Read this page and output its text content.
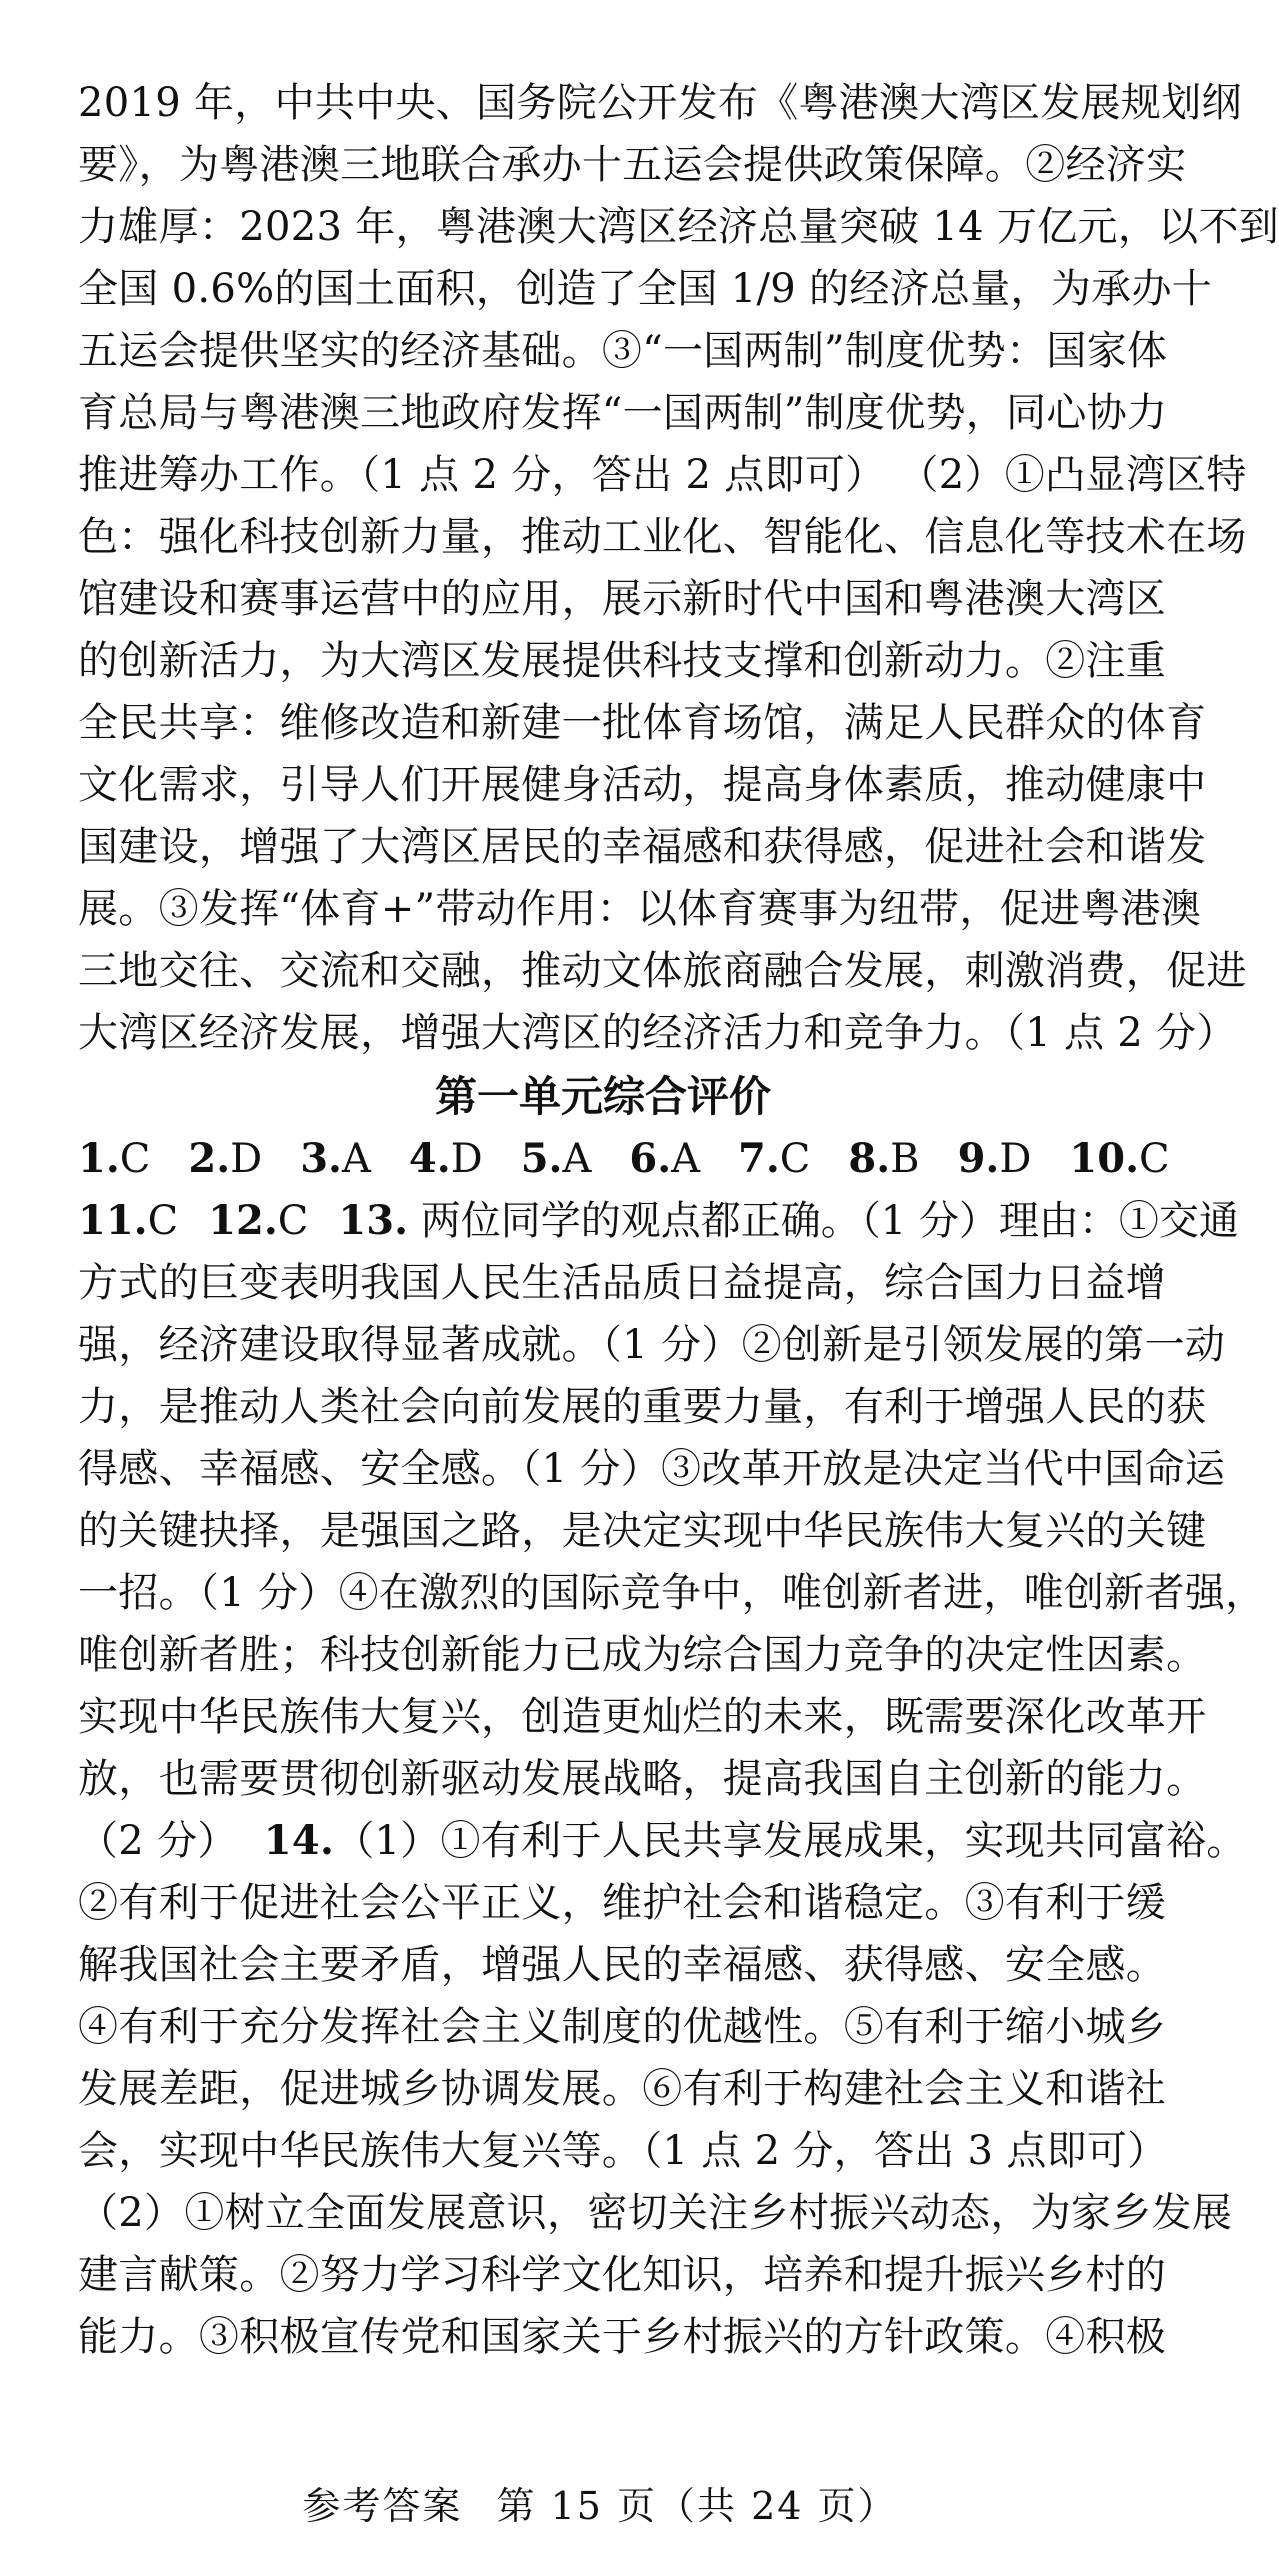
2019 年，中共中央、国务院公开发布《粤港澳大湾区发展规划纲
要》，为粤港澳三地联合承办十五运会提供政策保障。②经济实
力雄厚：2023 年，粤港澳大湾区经济总量突破 14 万亿元，以不到
全国 0.6%的国土面积，创造了全国 1/9 的经济总量，为承办十
五运会提供坚实的经济基础。③“一国两制”制度优势：国家体
育总局与粤港澳三地政府发挥“一国两制”制度优势，同心协力
推进筹办工作。（1 点 2 分，答出 2 点即可） （2）①凸显湾区特
色：强化科技创新力量，推动工业化、智能化、信息化等技术在场
馆建设和赛事运营中的应用，展示新时代中国和粤港澳大湾区
的创新活力，为大湾区发展提供科技支撑和创新动力。②注重
全民共享：维修改造和新建一批体育场馆，满足人民群众的体育
文化需求，引导人们开展健身活动，提高身体素质，推动健康中
国建设，增强了大湾区居民的幸福感和获得感，促进社会和谐发
展。③发挥“体育+”带动作用：以体育赛事为纽带，促进粤港澳
三地交往、交流和交融，推动文体旅商融合发展，刺激消费，促进
大湾区经济发展，增强大湾区的经济活力和竞争力。（1 点 2 分）
第一单元综合评价
1.C 2.D 3.A 4.D 5.A 6.A 7.C 8.B 9.D 10.C
11.C 12.C 13. 两位同学的观点都正确。（1 分）理由：①交通
方式的巨变表明我国人民生活品质日益提高，综合国力日益增
强，经济建设取得显著成就。（1 分）②创新是引领发展的第一动
力，是推动人类社会向前发展的重要力量，有利于增强人民的获
得感、幸福感、安全感。（1 分）③改革开放是决定当代中国命运
的关键抉择，是强国之路，是决定实现中华民族伟大复兴的关键
一招。（1 分）④在激烈的国际竞争中，唯创新者进，唯创新者强，
唯创新者胜；科技创新能力已成为综合国力竞争的决定性因素。
实现中华民族伟大复兴，创造更灿烂的未来，既需要深化改革开
放，也需要贯彻创新驱动发展战略，提高我国自主创新的能力。
（2 分） 14.（1）①有利于人民共享发展成果，实现共同富裕。
②有利于促进社会公平正义，维护社会和谐稳定。③有利于缓
解我国社会主要矛盾，增强人民的幸福感、获得感、安全感。
④有利于充分发挥社会主义制度的优越性。⑤有利于缩小城乡
发展差距，促进城乡协调发展。⑥有利于构建社会主义和谐社
会，实现中华民族伟大复兴等。（1 点 2 分，答出 3 点即可）
（2）①树立全面发展意识，密切关注乡村振兴动态，为家乡发展
建言献策。②努力学习科学文化知识，培养和提升振兴乡村的
能力。③积极宣传党和国家关于乡村振兴的方针政策。④积极
参考答案 第 15 页（共 24 页）
